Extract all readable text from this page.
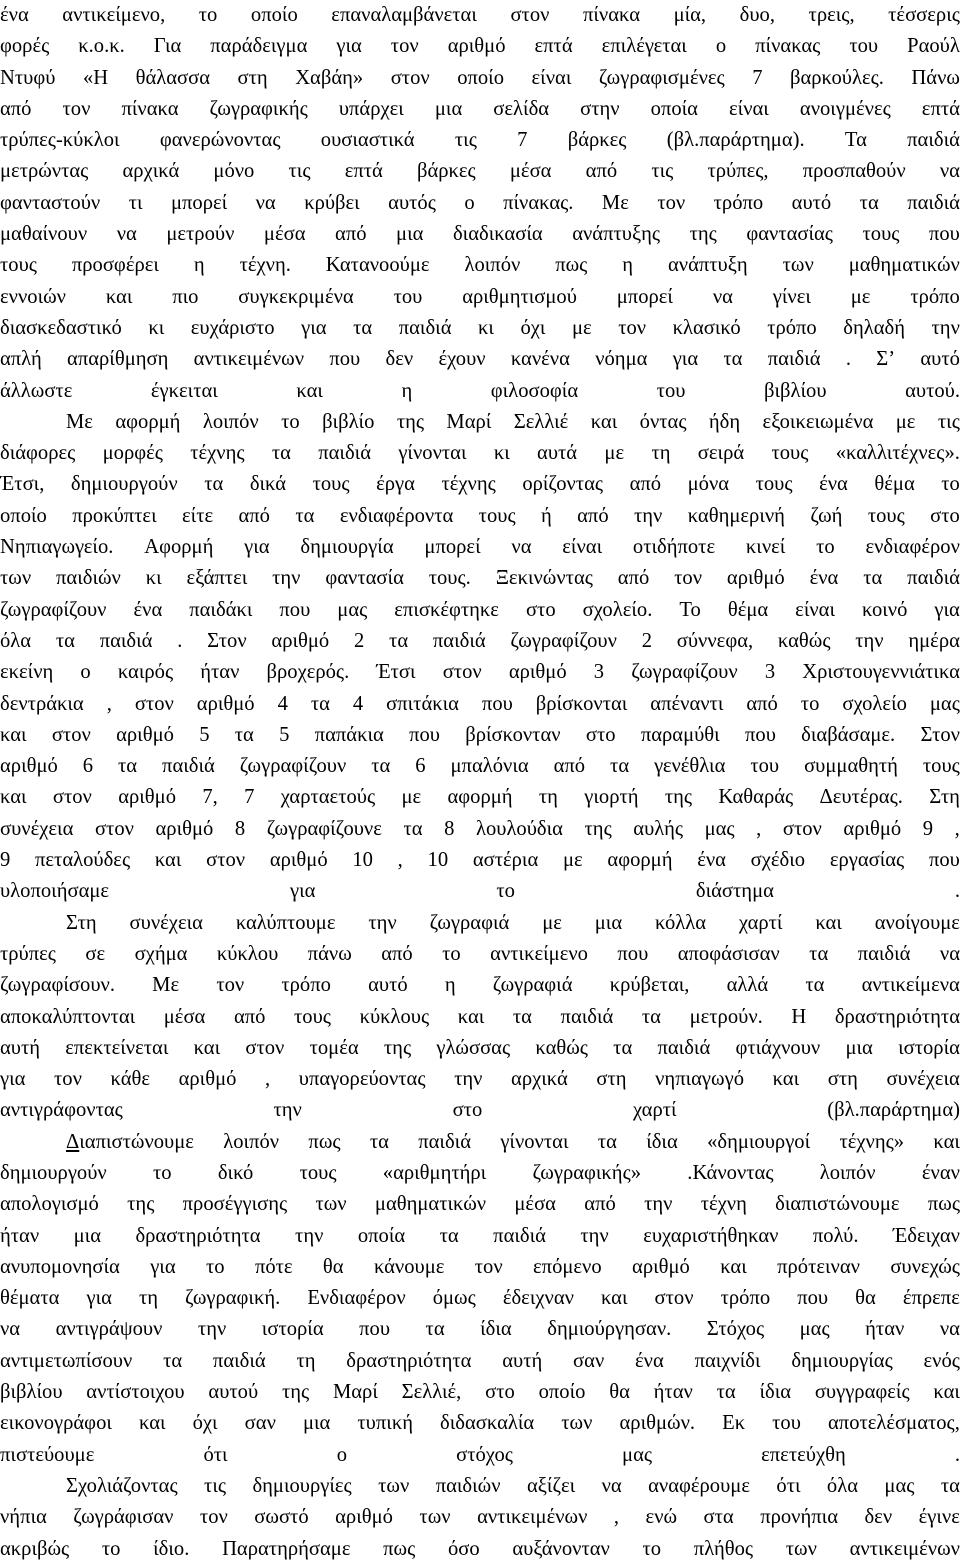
ένα αντικείμενο, το οποίο επαναλαμβάνεται στον πίνακα μία, δυο, τρεις, τέσσερις
φορές κ.ο.κ. Για παράδειγμα για τον αριθμό επτά επιλέγεται ο πίνακας του Ραούλ
Ντυφύ «Η θάλασσα στη Χαβάη» στον οποίο είναι ζωγραφισμένες 7 βαρκούλες. Πάνω
από τον πίνακα ζωγραφικής υπάρχει μια σελίδα στην οποία είναι ανοιγμένες επτά
τρύπες-κύκλοι φανερώνοντας ουσιαστικά τις 7 βάρκες (βλ.παράρτημα). Τα παιδιά
μετρώντας αρχικά μόνο τις επτά βάρκες μέσα από τις τρύπες, προσπαθούν να
φανταστούν τι μπορεί να κρύβει αυτός ο πίνακας. Με τον τρόπο αυτό τα παιδιά
μαθαίνουν να μετρούν μέσα από μια διαδικασία ανάπτυξης της φαντασίας τους που
τους προσφέρει η τέχνη. Κατανοούμε λοιπόν πως η ανάπτυξη των μαθηματικών
εννοιών και πιο συγκεκριμένα του αριθμητισμού μπορεί να γίνει με τρόπο
διασκεδαστικό κι ευχάριστο για τα παιδιά κι όχι με τον κλασικό τρόπο δηλαδή την
απλή απαρίθμηση αντικειμένων που δεν έχουν κανένα νόημα για τα παιδιά . Σ’ αυτό
άλλωστε έγκειται και η φιλοσοφία του βιβλίου αυτού.
Με αφορμή λοιπόν το βιβλίο της Μαρί Σελλιέ και όντας ήδη εξοικειωμένα με τις
διάφορες μορφές τέχνης τα παιδιά γίνονται κι αυτά με τη σειρά τους «καλλιτέχνες».
Έτσι, δημιουργούν τα δικά τους έργα τέχνης ορίζοντας από μόνα τους ένα θέμα το
οποίο προκύπτει είτε από τα ενδιαφέροντα τους ή από την καθημερινή ζωή τους στο
Νηπιαγωγείο. Αφορμή για δημιουργία μπορεί να είναι οτιδήποτε κινεί το ενδιαφέρον
των παιδιών κι εξάπτει την φαντασία τους. Ξεκινώντας από τον αριθμό ένα τα παιδιά
ζωγραφίζουν ένα παιδάκι που μας επισκέφτηκε στο σχολείο. Το θέμα είναι κοινό για
όλα τα παιδιά . Στον αριθμό 2 τα παιδιά ζωγραφίζουν 2 σύννεφα, καθώς την ημέρα
εκείνη ο καιρός ήταν βροχερός. Έτσι στον αριθμό 3 ζωγραφίζουν 3 Χριστουγεννιάτικα
δεντράκια , στον αριθμό 4 τα 4 σπιτάκια που βρίσκονται απέναντι από το σχολείο μας
και στον αριθμό 5 τα 5 παπάκια που βρίσκονταν στο παραμύθι που διαβάσαμε. Στον
αριθμό 6 τα παιδιά ζωγραφίζουν τα 6 μπαλόνια από τα γενέθλια του συμμαθητή τους
και στον αριθμό 7, 7 χαρταετούς με αφορμή τη γιορτή της Καθαράς Δευτέρας. Στη
συνέχεια στον αριθμό 8 ζωγραφίζουνε τα 8 λουλούδια της αυλής μας , στον αριθμό 9 ,
9 πεταλούδες και στον αριθμό 10 , 10 αστέρια με αφορμή ένα σχέδιο εργασίας που
υλοποιήσαμε για το διάστημα .
Στη συνέχεια καλύπτουμε την ζωγραφιά με μια κόλλα χαρτί και ανοίγουμε
τρύπες σε σχήμα κύκλου πάνω από το αντικείμενο που αποφάσισαν τα παιδιά να
ζωγραφίσουν. Με τον τρόπο αυτό η ζωγραφιά κρύβεται, αλλά τα αντικείμενα
αποκαλύπτονται μέσα από τους κύκλους και τα παιδιά τα μετρούν. Η δραστηριότητα
αυτή επεκτείνεται και στον τομέα της γλώσσας καθώς τα παιδιά φτιάχνουν μια ιστορία
για τον κάθε αριθμό , υπαγορεύοντας την αρχικά στη νηπιαγωγό και στη συνέχεια
αντιγράφοντας την στο χαρτί (βλ.παράρτημα)
Διαπιστώνουμε λοιπόν πως τα παιδιά γίνονται τα ίδια «δημιουργοί τέχνης» και
δημιουργούν το δικό τους «αριθμητήρι ζωγραφικής» .Κάνοντας λοιπόν έναν
απολογισμό της προσέγγισης των μαθηματικών μέσα από την τέχνη διαπιστώνουμε πως
ήταν μια δραστηριότητα την οποία τα παιδιά την ευχαριστήθηκαν πολύ. Έδειχαν
ανυπομονησία για το πότε θα κάνουμε τον επόμενο αριθμό και πρότειναν συνεχώς
θέματα για τη ζωγραφική. Ενδιαφέρον όμως έδειχναν και στον τρόπο που θα έπρεπε
να αντιγράψουν την ιστορία που τα ίδια δημιούργησαν. Στόχος μας ήταν να
αντιμετωπίσουν τα παιδιά τη δραστηριότητα αυτή σαν ένα παιχνίδι δημιουργίας ενός
βιβλίου αντίστοιχου αυτού της Μαρί Σελλιέ, στο οποίο θα ήταν τα ίδια συγγραφείς και
εικονογράφοι και όχι σαν μια τυπική διδασκαλία των αριθμών. Εκ του αποτελέσματος,
πιστεύουμε ότι ο στόχος μας επετεύχθη .
Σχολιάζοντας τις δημιουργίες των παιδιών αξίζει να αναφέρουμε ότι όλα μας τα
νήπια ζωγράφισαν τον σωστό αριθμό των αντικειμένων , ενώ στα πρoνήπια δεν έγινε
ακριβώς το ίδιο. Παρατηρήσαμε πως όσο αυξάνονταν το πλήθος των αντικειμένων
